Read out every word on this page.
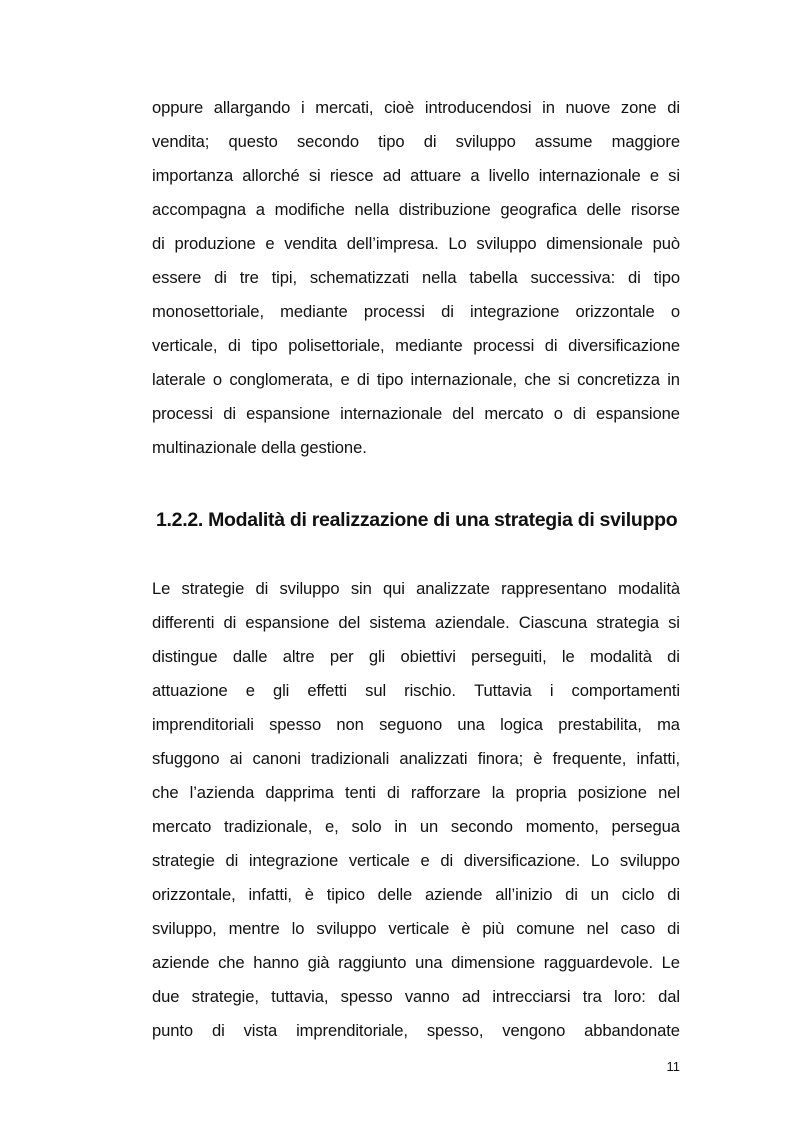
oppure allargando i mercati, cioè introducendosi in nuove zone di
vendita; questo secondo tipo di sviluppo assume maggiore
importanza allorché si riesce ad attuare a livello internazionale e si
accompagna a modifiche nella distribuzione geografica delle risorse
di produzione e vendita dell’impresa. Lo sviluppo dimensionale può
essere di tre tipi, schematizzati nella tabella successiva: di tipo
monosettoriale, mediante processi di integrazione orizzontale o
verticale, di tipo polisettoriale, mediante processi di diversificazione
laterale o conglomerata, e di tipo internazionale, che si concretizza in
processi di espansione internazionale del mercato o di espansione
multinazionale della gestione.
1.2.2. Modalità di realizzazione di una strategia di sviluppo
Le strategie di sviluppo sin qui analizzate rappresentano modalità
differenti di espansione del sistema aziendale. Ciascuna strategia si
distingue dalle altre per gli obiettivi perseguiti, le modalità di
attuazione e gli effetti sul rischio. Tuttavia i comportamenti
imprenditoriali spesso non seguono una logica prestabilita, ma
sfuggono ai canoni tradizionali analizzati finora; è frequente, infatti,
che l’azienda dapprima tenti di rafforzare la propria posizione nel
mercato tradizionale, e, solo in un secondo momento, persegua
strategie di integrazione verticale e di diversificazione. Lo sviluppo
orizzontale, infatti, è tipico delle aziende all’inizio di un ciclo di
sviluppo, mentre lo sviluppo verticale è più comune nel caso di
aziende che hanno già raggiunto una dimensione ragguardevole. Le
due strategie, tuttavia, spesso vanno ad intrecciarsi tra loro: dal
punto di vista imprenditoriale, spesso, vengono abbandonate
11
